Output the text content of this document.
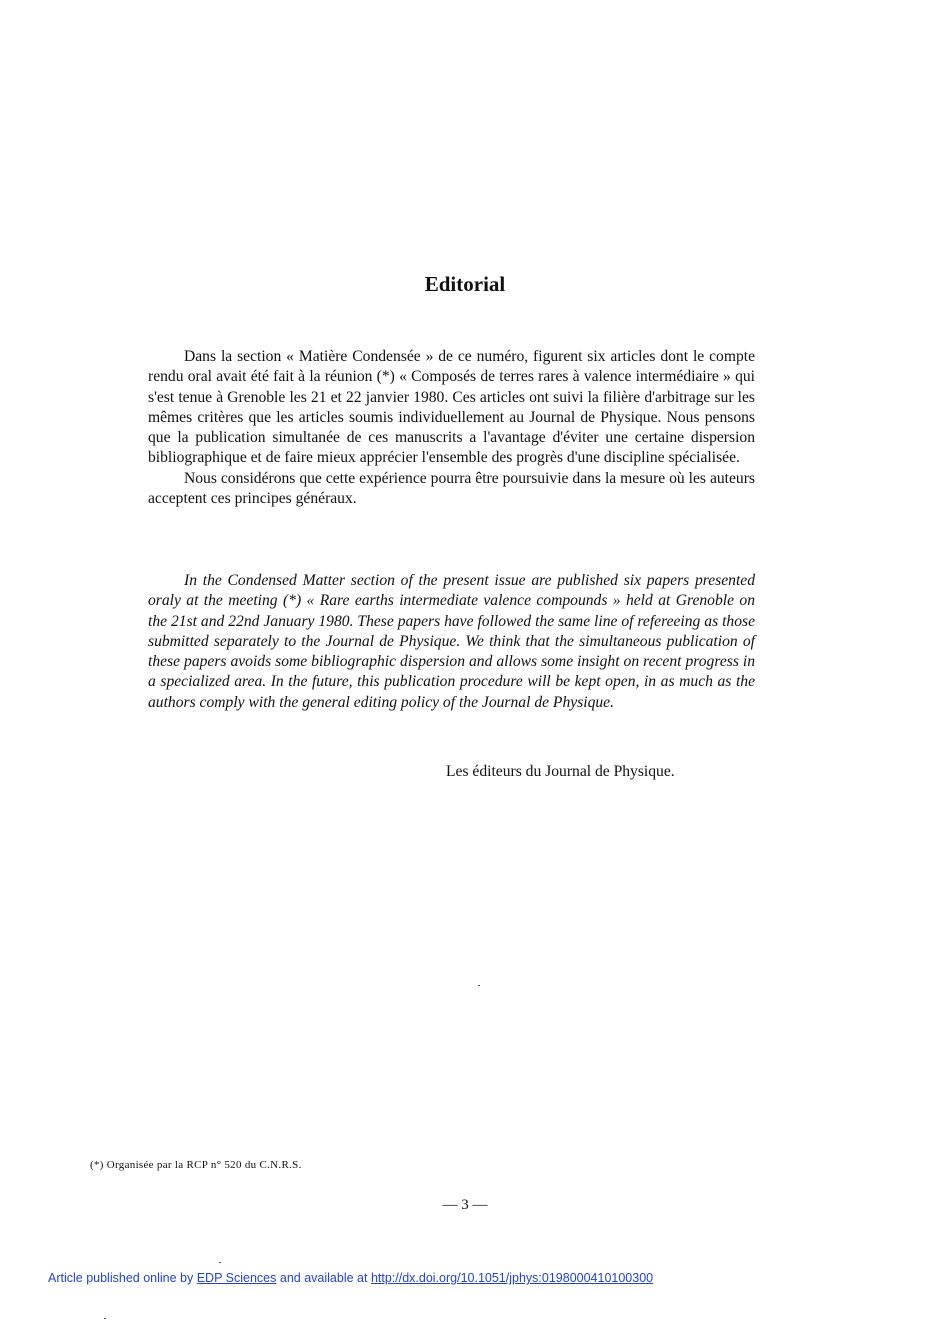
Editorial

Dans la section « Matière Condensée » de ce numéro, figurent six articles dont le compte rendu oral avait été fait à la réunion (*) « Composés de terres rares à valence intermédiaire » qui s'est tenue à Grenoble les 21 et 22 janvier 1980. Ces articles ont suivi la filière d'arbitrage sur les mêmes critères que les articles soumis individuellement au Journal de Physique. Nous pensons que la publication simultanée de ces manuscrits a l'avantage d'éviter une certaine dispersion bibliographique et de faire mieux apprécier l'ensemble des progrès d'une discipline spécialisée.

Nous considérons que cette expérience pourra être poursuivie dans la mesure où les auteurs acceptent ces principes généraux.

In the Condensed Matter section of the present issue are published six papers presented oraly at the meeting (*) « Rare earths intermediate valence compounds » held at Grenoble on the 21st and 22nd January 1980. These papers have followed the same line of refereeing as those submitted separately to the Journal de Physique. We think that the simultaneous publication of these papers avoids some bibliographic dispersion and allows some insight on recent progress in a specialized area. In the future, this publication procedure will be kept open, in as much as the authors comply with the general editing policy of the Journal de Physique.

Les éditeurs du Journal de Physique.
(*) Organisée par la RCP n° 520 du C.N.R.S.
— 3 —
Article published online by EDP Sciences and available at http://dx.doi.org/10.1051/jphys:0198000410100300
